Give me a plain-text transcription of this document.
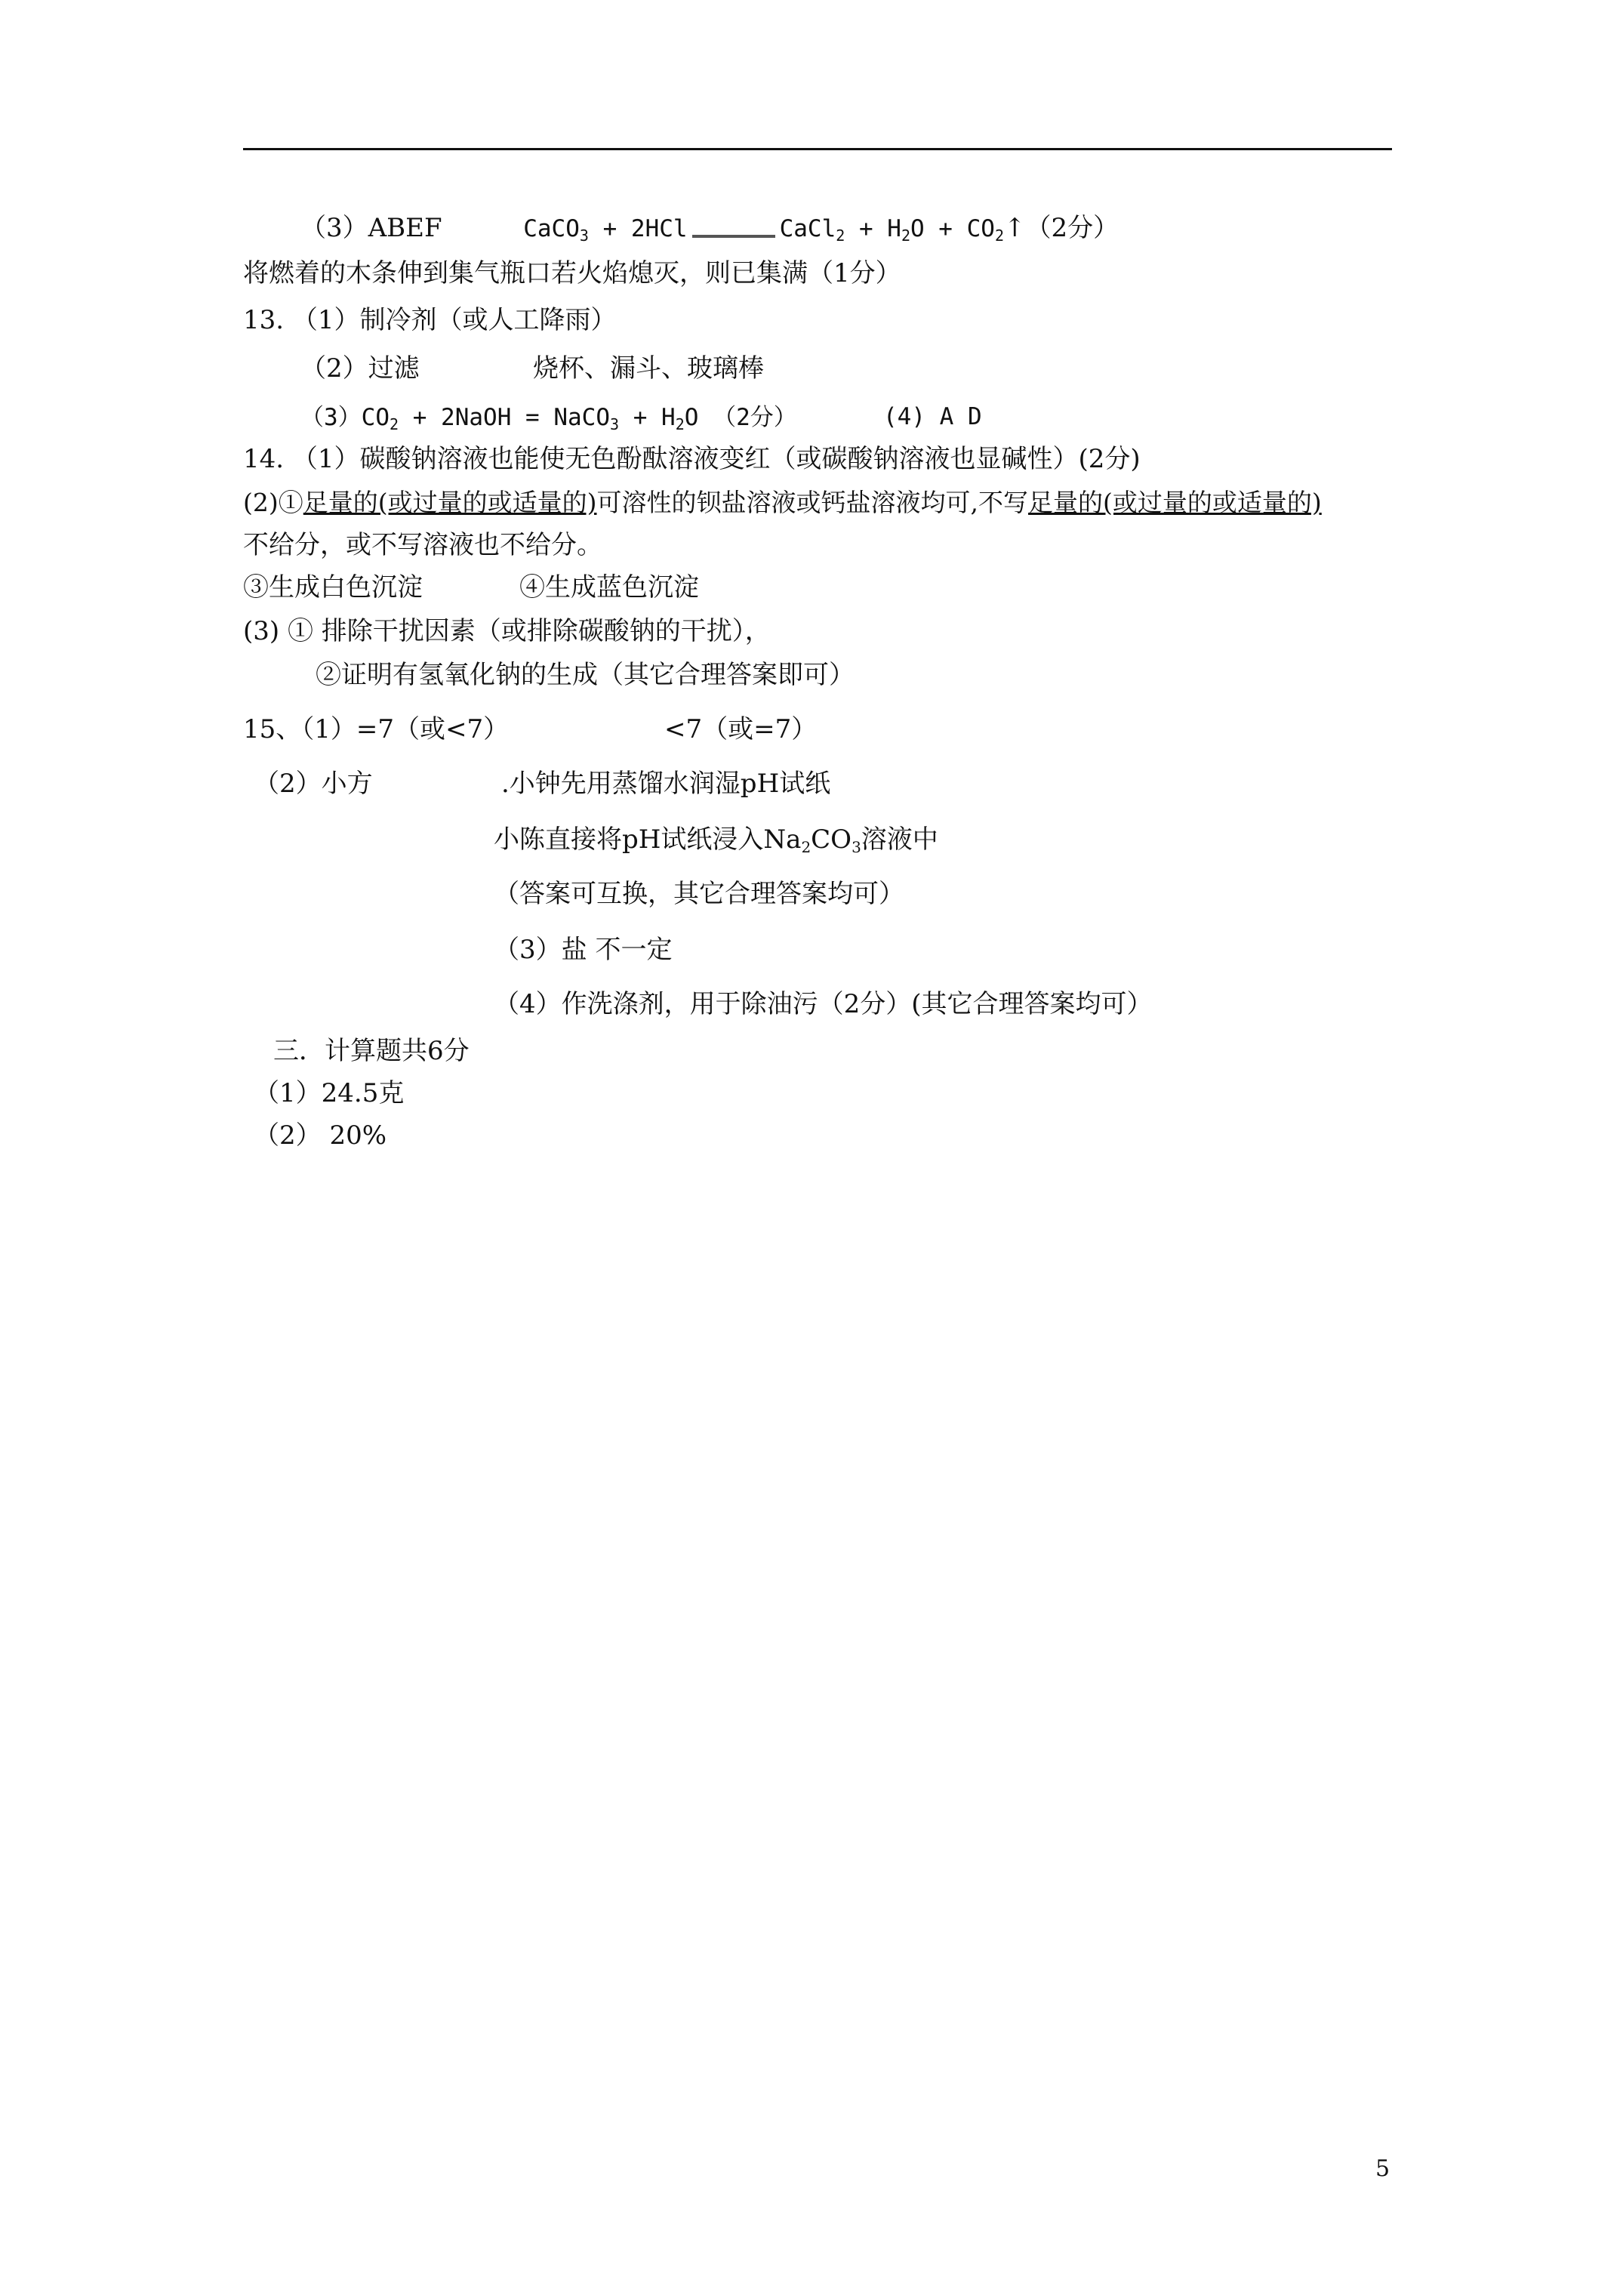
（3）ABEF	CaCO$_3$ + 2HCl	CaCl$_2$ + $H_2O$ + $CO_2↑(2$分）
将燃着的木条伸到集气瓶口若火焰熄灭，则已集满（1分）
13. （1）制冷剂（或人工降雨）
（2）过滤	烧杯、漏斗、玻璃棒
$(3)CO_2$ + 2NaOH = NaCO$_3$ + $H_2O$ （2分）	(4) A D
14. （1）碳酸钠溶液也能使无色酚酞溶液变红（或碳酸钠溶液也显碱性）(2分)
(2)①足量的(或过量的或适量的)可溶性的钡盐溶液或钙盐溶液均可,不写足量的(或过量的或适量的)
不给分，或不写溶液也不给分。
③生成白色沉淀	④生成蓝色沉淀
(3) ① 排除干扰因素（或排除碳酸钠的干扰），
②证明有氢氧化钠的生成（其它合理答案即可）
15、（1）=7（或<7）	<7（或=7）
（2）小方	.小钟先用蒸馏水润湿pH试纸
小陈直接将pH试纸浸入$Na_2CO_3$溶液中
（答案可互换，其它合理答案均可）
（3）盐 不一定
（4）作洗涤剂，用于除油污（2分）(其它合理答案均可）
三．计算题共6分
（1）24.5克
（2） 20%
5
